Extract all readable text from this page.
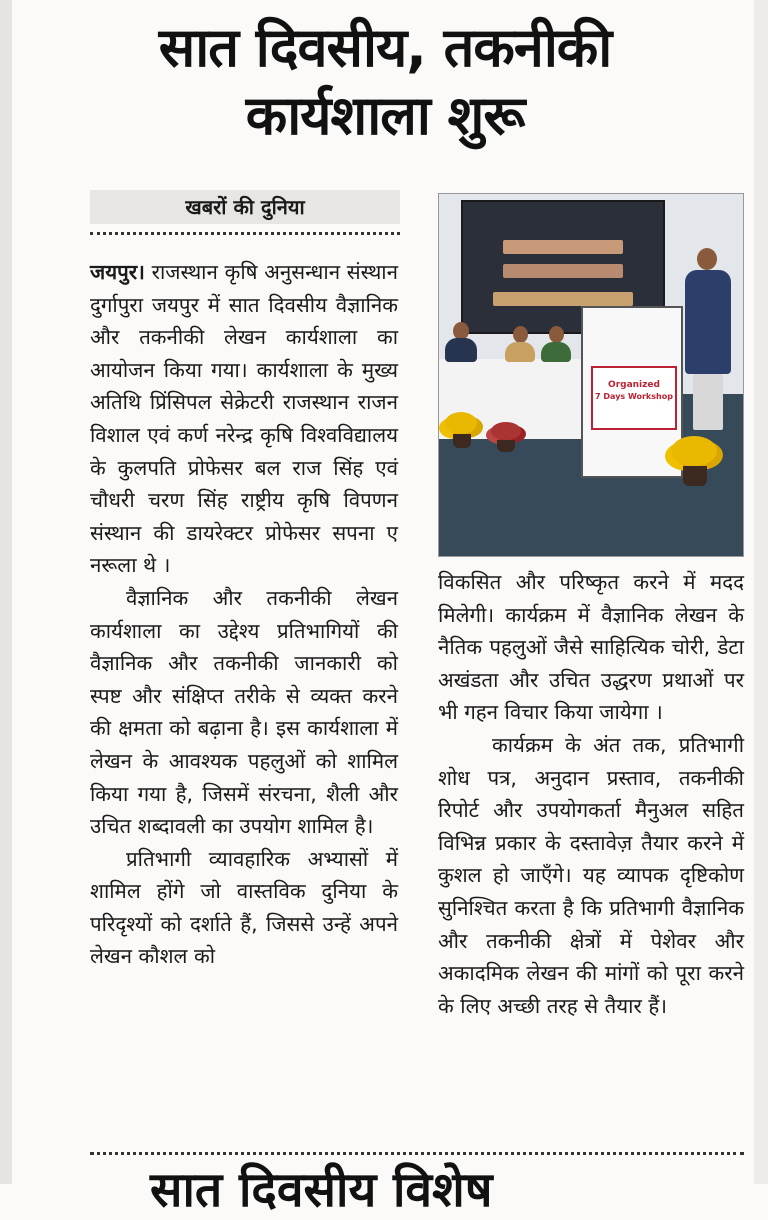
सात दिवसीय, तकनीकी
कार्यशाला शुरू
खबरों की दुनिया

जयपुर। राजस्थान कृषि अनुसन्धान संस्थान दुर्गापुरा जयपुर में सात दिवसीय वैज्ञानिक और तकनीकी लेखन कार्यशाला का आयोजन किया गया। कार्यशाला के मुख्य अतिथि प्रिंसिपल सेक्रेटरी राजस्थान राजन विशाल एवं कर्ण नरेन्द्र कृषि विश्वविद्यालय के कुलपति प्रोफेसर बल राज सिंह एवं चौधरी चरण सिंह राष्ट्रीय कृषि विपणन संस्थान की डायरेक्टर प्रोफेसर सपना ए नरूला थे ।

वैज्ञानिक और तकनीकी लेखन कार्यशाला का उद्देश्य प्रतिभागियों की वैज्ञानिक और तकनीकी जानकारी को स्पष्ट और संक्षिप्त तरीके से व्यक्त करने की क्षमता को बढ़ाना है। इस कार्यशाला में लेखन के आवश्यक पहलुओं को शामिल किया गया है, जिसमें संरचना, शैली और उचित शब्दावली का उपयोग शामिल है।

प्रतिभागी व्यावहारिक अभ्यासों में शामिल होंगे जो वास्तविक दुनिया के परिदृश्यों को दर्शाते हैं, जिससे उन्हें अपने लेखन कौशल को

Organized
7 Days Workshop

विकसित और परिष्कृत करने में मदद मिलेगी। कार्यक्रम में वैज्ञानिक लेखन के नैतिक पहलुओं जैसे साहित्यिक चोरी, डेटा अखंडता और उचित उद्धरण प्रथाओं पर भी गहन विचार किया जायेगा ।

कार्यक्रम के अंत तक, प्रतिभागी शोध पत्र, अनुदान प्रस्ताव, तकनीकी रिपोर्ट और उपयोगकर्ता मैनुअल सहित विभिन्न प्रकार के दस्तावेज़ तैयार करने में कुशल हो जाएँगे। यह व्यापक दृष्टिकोण सुनिश्चित करता है कि प्रतिभागी वैज्ञानिक और तकनीकी क्षेत्रों में पेशेवर और अकादमिक लेखन की मांगों को पूरा करने के लिए अच्छी तरह से तैयार हैं।

सात दिवसीय विशेष
